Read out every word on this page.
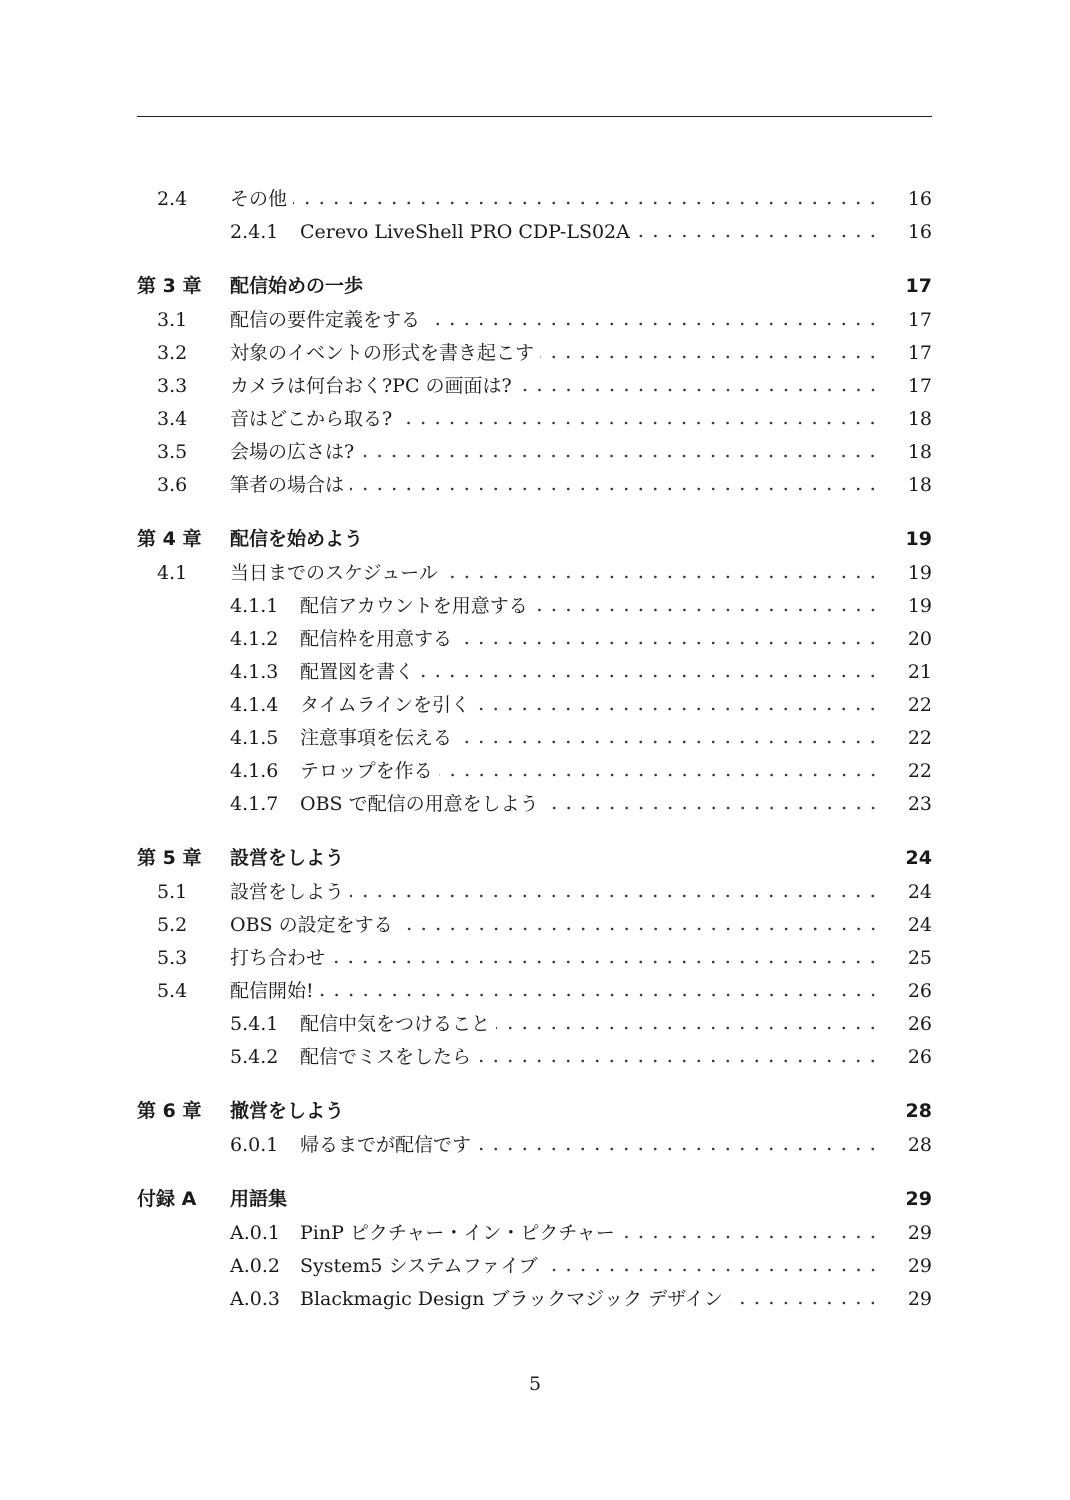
2.4 その他	16
2.4.1 Cerevo LiveShell PRO CDP-LS02A	16
第 3 章 配信始めの一歩	17
3.1 配信の要件定義をする	17
3.2 対象のイベントの形式を書き起こす	17
3.3 カメラは何台おく?PC の画面は?	17
3.4 音はどこから取る?	18
3.5 会場の広さは?	18
3.6 筆者の場合は	18
第 4 章 配信を始めよう	19
4.1 当日までのスケジュール	19
4.1.1 配信アカウントを用意する	19
4.1.2 配信枠を用意する	20
4.1.3 配置図を書く	21
4.1.4 タイムラインを引く	22
4.1.5 注意事項を伝える	22
4.1.6 テロップを作る	22
4.1.7 OBS で配信の用意をしよう	23
第 5 章 設営をしよう	24
5.1 設営をしよう	24
5.2 OBS の設定をする	24
5.3 打ち合わせ	25
5.4 配信開始!	26
5.4.1 配信中気をつけること	26
5.4.2 配信でミスをしたら	26
第 6 章 撤営をしよう	28
6.0.1 帰るまでが配信です	28
付録 A 用語集	29
A.0.1 PinP ピクチャー・イン・ピクチャー	29
A.0.2 System5 システムファイブ	29
A.0.3 Blackmagic Design ブラックマジック デザイン	29
5
